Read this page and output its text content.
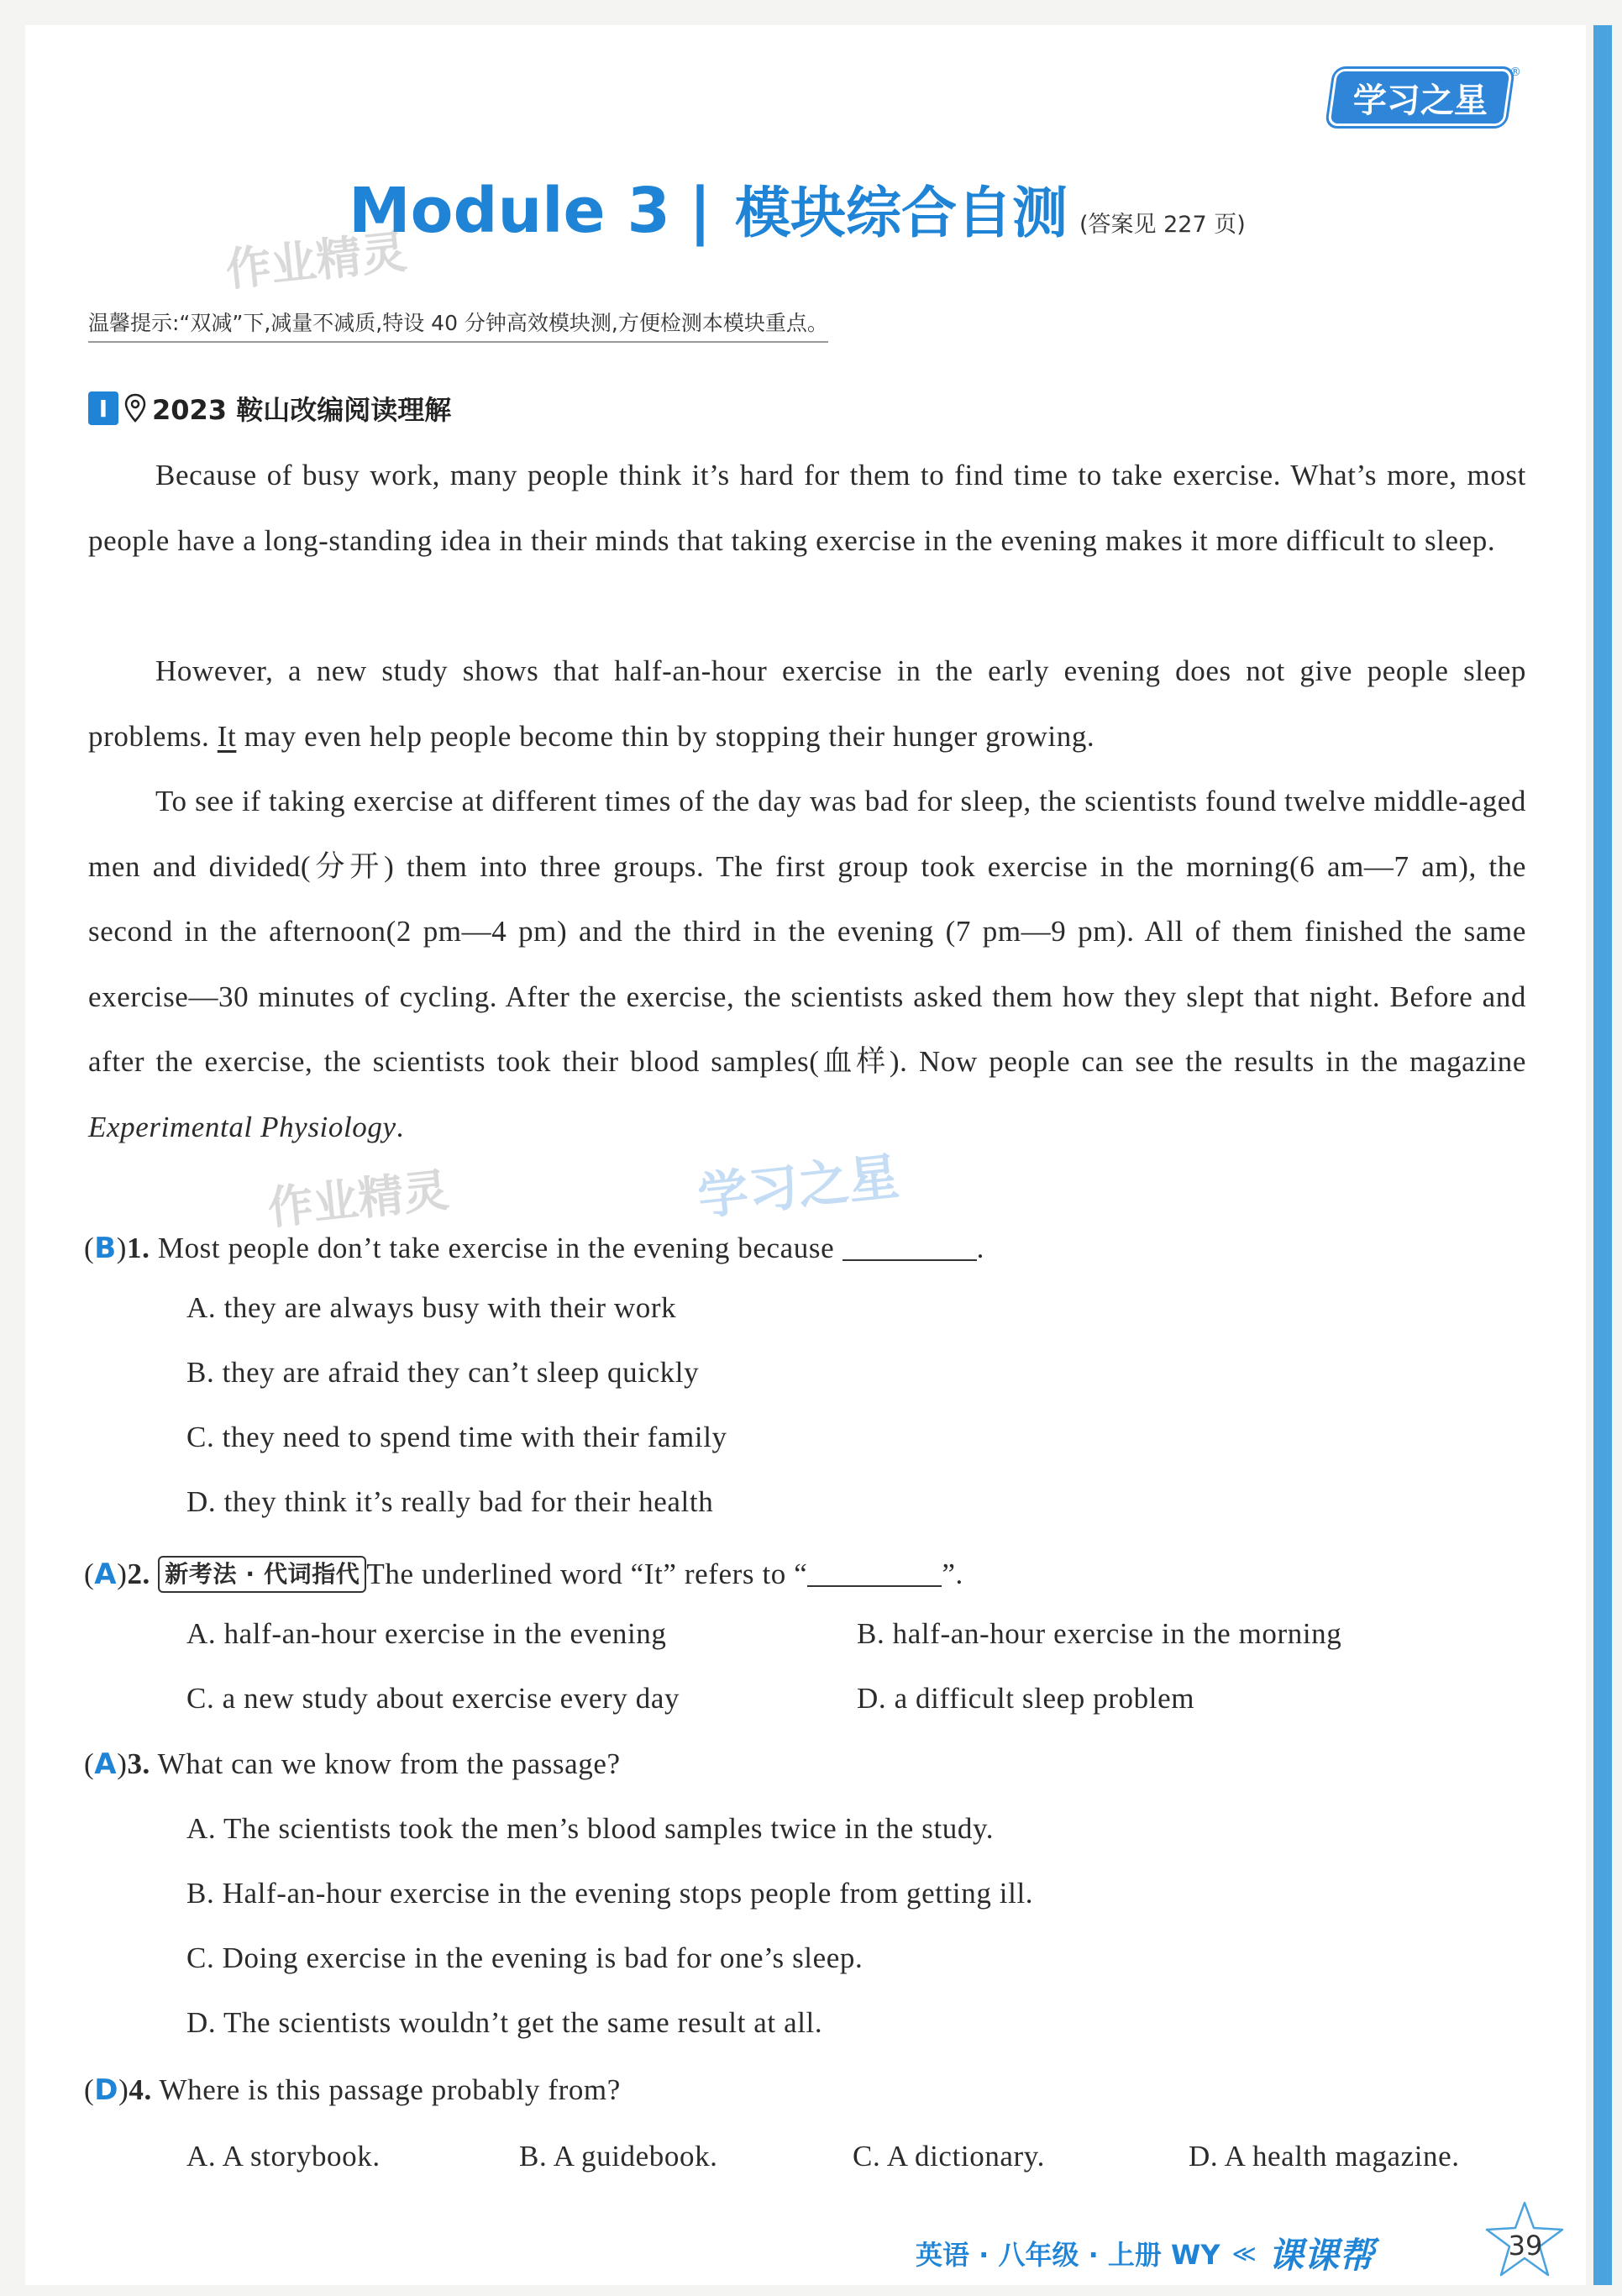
学习之星
®
Module 3 | 模块综合自测 (答案见 227 页)
作业精灵
作业精灵	学习之星
温馨提示:“双减”下,减量不减质,特设 40 分钟高效模块测,方便检测本模块重点。
I	2023 鞍山改编阅读理解
Because of busy work, many people think it’s hard for them to find time to take exercise. What’s more, most people have a long-standing idea in their minds that taking exercise in the evening makes it more difficult to sleep.
However, a new study shows that half-an-hour exercise in the early evening does not give people sleep problems. It may even help people become thin by stopping their hunger growing.
To see if taking exercise at different times of the day was bad for sleep, the scientists found twelve middle-aged men and divided(分开) them into three groups. The first group took exercise in the morning(6 am—7 am), the second in the afternoon(2 pm—4 pm) and the third in the evening (7 pm—9 pm). All of them finished the same exercise—30 minutes of cycling. After the exercise, the scientists asked them how they slept that night. Before and after the exercise, the scientists took their blood samples(血样). Now people can see the results in the magazine Experimental Physiology.
(B)1. Most people don’t take exercise in the evening because	.
A. they are always busy with their work
B. they are afraid they can’t sleep quickly
C. they need to spend time with their family
D. they think it’s really bad for their health
(A)2. 新考法 · 代词指代 The underlined word “It” refers to “	”.
A. half-an-hour exercise in the evening	B. half-an-hour exercise in the morning
C. a new study about exercise every day	D. a difficult sleep problem
(A)3. What can we know from the passage?
A. The scientists took the men’s blood samples twice in the study.
B. Half-an-hour exercise in the evening stops people from getting ill.
C. Doing exercise in the evening is bad for one’s sleep.
D. The scientists wouldn’t get the same result at all.
(D)4. Where is this passage probably from?
A. A storybook.	B. A guidebook.	C. A dictionary.	D. A health magazine.
英语 · 八年级 · 上册 WY ≪ 课课帮	39
